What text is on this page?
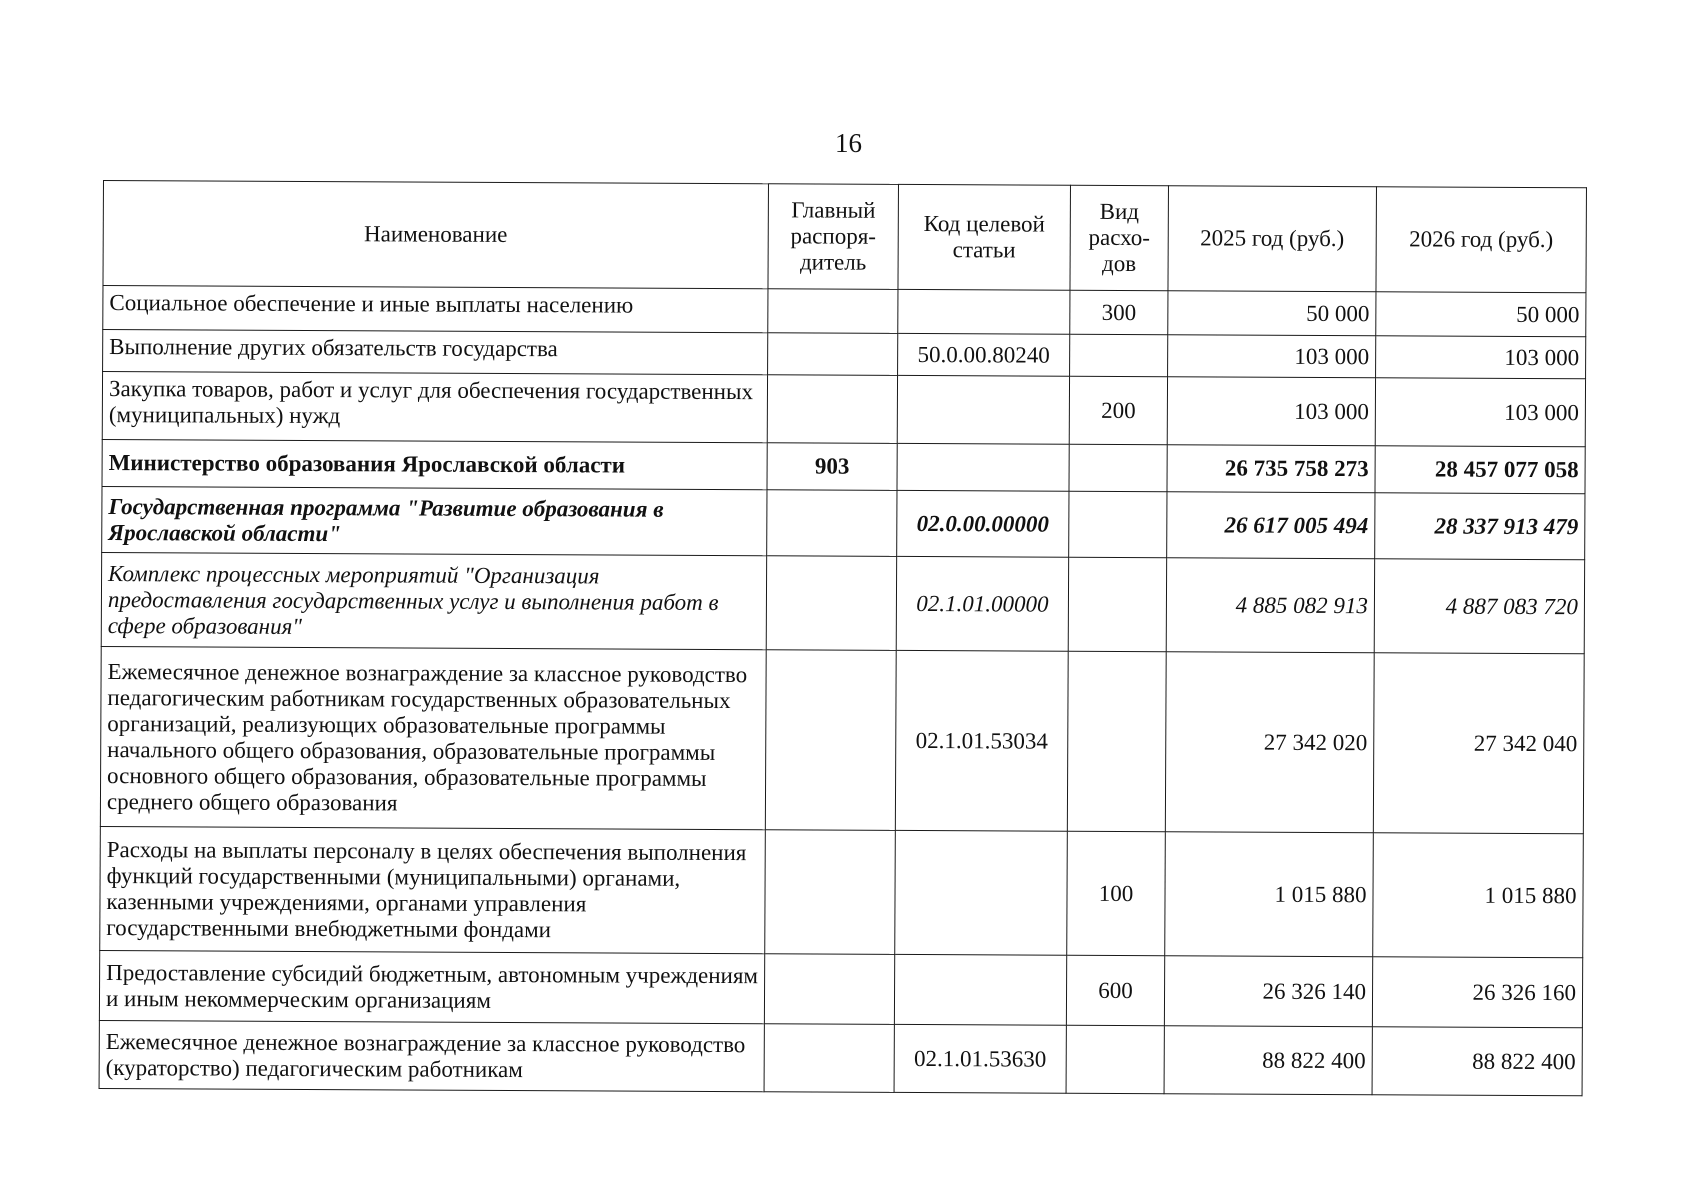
16
Наименование	Главный распоря-дитель	Код целевой статьи	Вид расхо-дов	2025 год (руб.)	2026 год (руб.)
Социальное обеспечение и иные выплаты населению			300	50 000	50 000
Выполнение других обязательств государства		50.0.00.80240		103 000	103 000
Закупка товаров, работ и услуг для обеспечения государственных (муниципальных) нужд			200	103 000	103 000
Министерство образования Ярославской области	903			26 735 758 273	28 457 077 058
Государственная программа "Развитие образования в Ярославской области"		02.0.00.00000		26 617 005 494	28 337 913 479
Комплекс процессных мероприятий "Организация предоставления государственных услуг и выполнения работ в сфере образования"		02.1.01.00000		4 885 082 913	4 887 083 720
Ежемесячное денежное вознаграждение за классное руководство педагогическим работникам государственных образовательных организаций, реализующих образовательные программы начального общего образования, образовательные программы основного общего образования, образовательные программы среднего общего образования		02.1.01.53034		27 342 020	27 342 040
Расходы на выплаты персоналу в целях обеспечения выполнения функций государственными (муниципальными) органами, казенными учреждениями, органами управления государственными внебюджетными фондами			100	1 015 880	1 015 880
Предоставление субсидий бюджетным, автономным учреждениям и иным некоммерческим организациям			600	26 326 140	26 326 160
Ежемесячное денежное вознаграждение за классное руководство (кураторство) педагогическим работникам		02.1.01.53630		88 822 400	88 822 400
